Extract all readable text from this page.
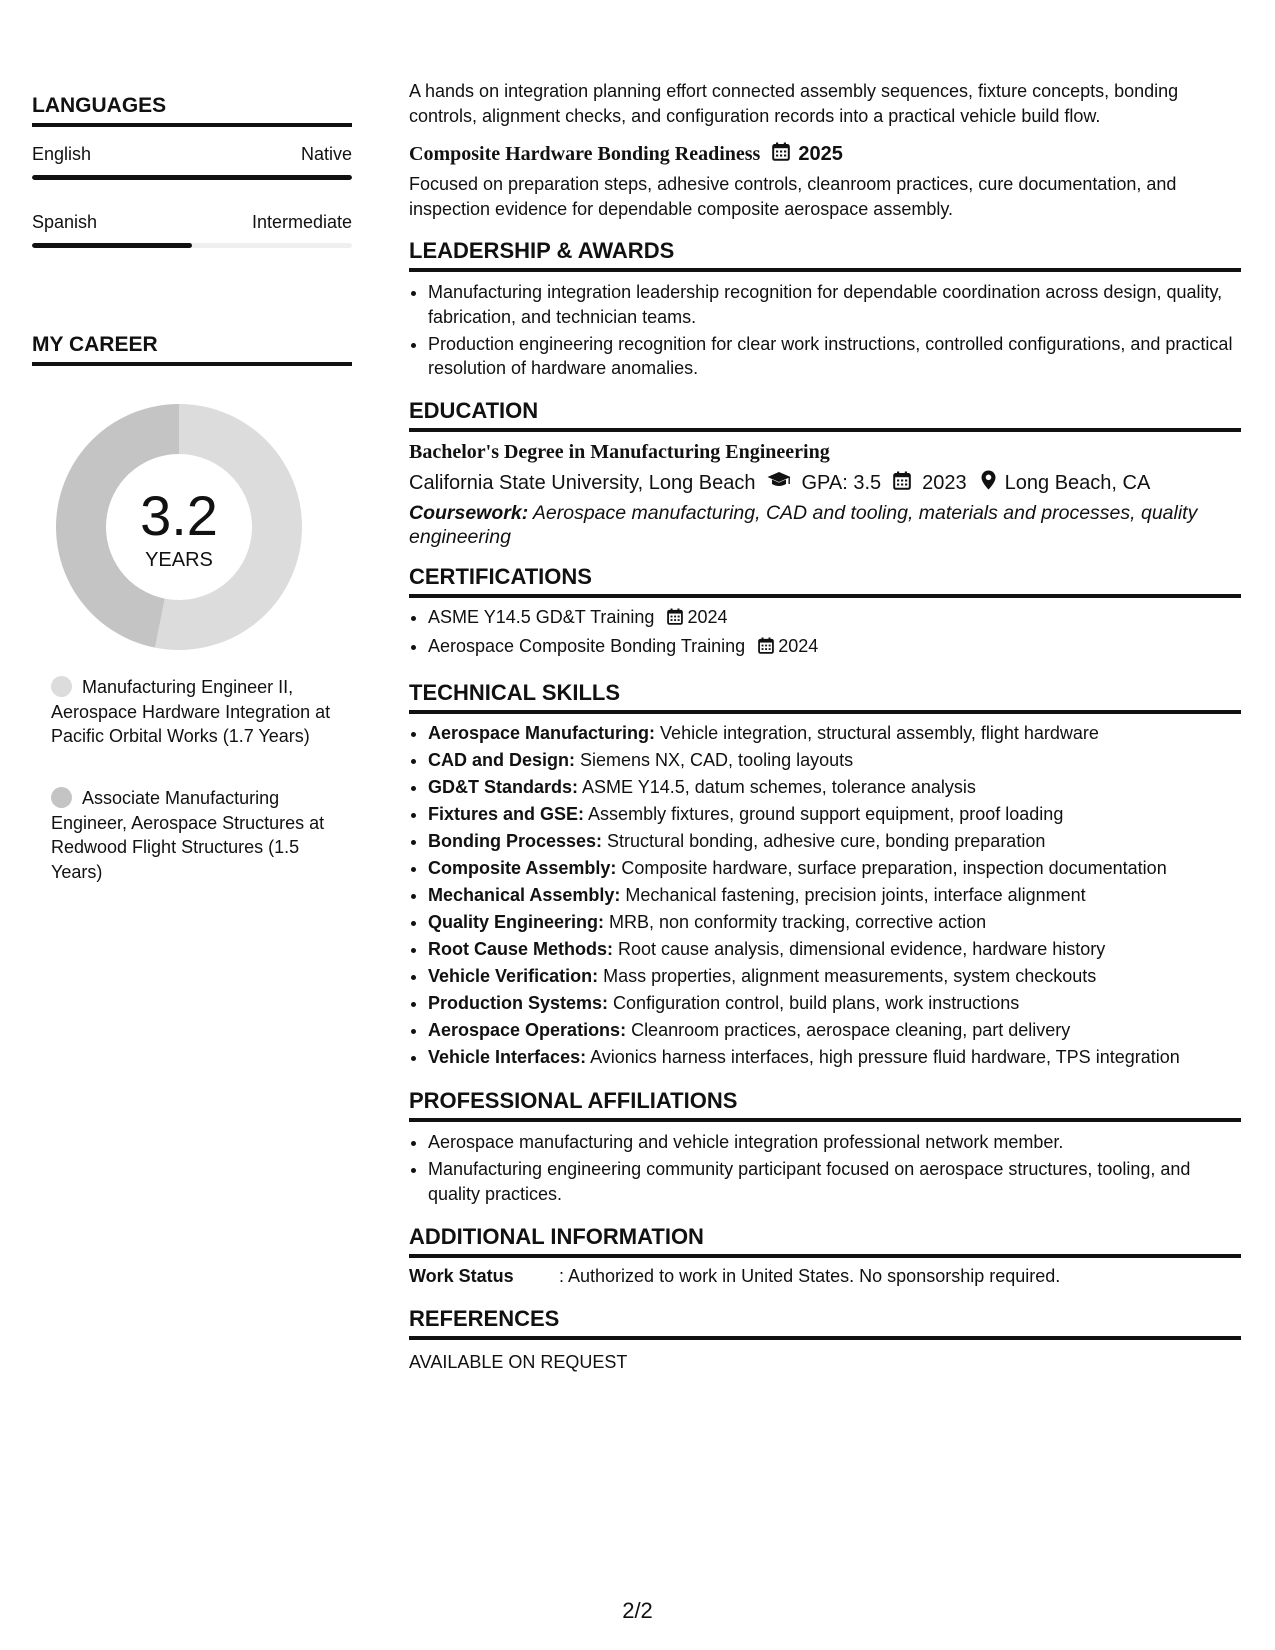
LANGUAGES
English	Native
Spanish	Intermediate
MY CAREER
3.2
YEARS
Manufacturing Engineer II, Aerospace Hardware Integration at Pacific Orbital Works (1.7 Years)
Associate Manufacturing Engineer, Aerospace Structures at Redwood Flight Structures (1.5 Years)

A hands on integration planning effort connected assembly sequences, fixture concepts, bonding controls, alignment checks, and configuration records into a practical vehicle build flow.

Composite Hardware Bonding Readiness 2025

Focused on preparation steps, adhesive controls, cleanroom practices, cure documentation, and inspection evidence for dependable composite aerospace assembly.

LEADERSHIP & AWARDS
• Manufacturing integration leadership recognition for dependable coordination across design, quality, fabrication, and technician teams.
• Production engineering recognition for clear work instructions, controlled configurations, and practical resolution of hardware anomalies.
EDUCATION
Bachelor's Degree in Manufacturing Engineering
California State University, Long Beach GPA: 3.5 2023 Long Beach, CA

Coursework: Aerospace manufacturing, CAD and tooling, materials and processes, quality engineering

CERTIFICATIONS
• ASME Y14.5 GD&T Training 2024
• Aerospace Composite Bonding Training 2024
TECHNICAL SKILLS
• Aerospace Manufacturing: Vehicle integration, structural assembly, flight hardware
• CAD and Design: Siemens NX, CAD, tooling layouts
• GD&T Standards: ASME Y14.5, datum schemes, tolerance analysis
• Fixtures and GSE: Assembly fixtures, ground support equipment, proof loading
• Bonding Processes: Structural bonding, adhesive cure, bonding preparation
• Composite Assembly: Composite hardware, surface preparation, inspection documentation
• Mechanical Assembly: Mechanical fastening, precision joints, interface alignment
• Quality Engineering: MRB, non conformity tracking, corrective action
• Root Cause Methods: Root cause analysis, dimensional evidence, hardware history
• Vehicle Verification: Mass properties, alignment measurements, system checkouts
• Production Systems: Configuration control, build plans, work instructions
• Aerospace Operations: Cleanroom practices, aerospace cleaning, part delivery
• Vehicle Interfaces: Avionics harness interfaces, high pressure fluid hardware, TPS integration
PROFESSIONAL AFFILIATIONS
• Aerospace manufacturing and vehicle integration professional network member.
• Manufacturing engineering community participant focused on aerospace structures, tooling, and quality practices.
ADDITIONAL INFORMATION
Work Status	: Authorized to work in United States. No sponsorship required.
REFERENCES

AVAILABLE ON REQUEST

2/2
